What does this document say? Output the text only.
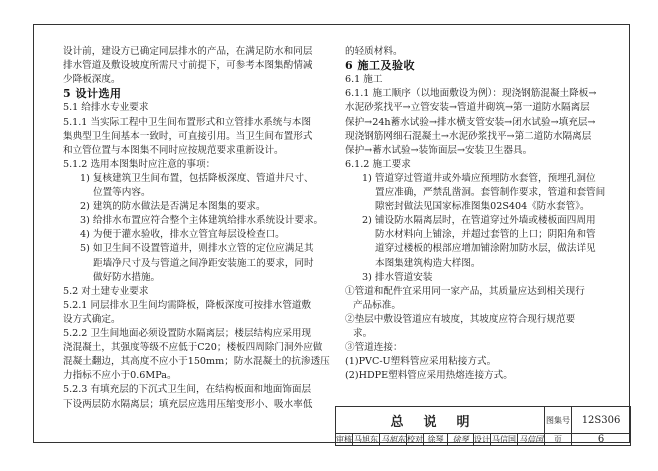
设计前，建设方已确定同层排水的产品，在满足防水和同层
排水管道及敷设坡度所需尺寸前提下，可参考本图集酌情减
少降板深度。
5 设计选用
5.1 给排水专业要求
5.1.1 当实际工程中卫生间布置形式和立管排水系统与本图
集典型卫生间基本一致时，可直接引用。当卫生间布置形式
和立管位置与本图集不同时应按规范要求重新设计。
5.1.2 选用本图集时应注意的事项：
1) 复核建筑卫生间布置，包括降板深度、管道井尺寸、
位置等内容。
2) 建筑的防水做法是否满足本图集的要求。
3) 给排水布置应符合整个主体建筑给排水系统设计要求。
4) 为便于灌水验收，排水立管宜每层设检查口。
5) 如卫生间不设置管道井，则排水立管的定位应满足其
距墙净尺寸及与管道之间净距安装施工的要求，同时
做好防水措施。
5.2 对土建专业要求
5.2.1 同层排水卫生间均需降板，降板深度可按排水管道敷
设方式确定。
5.2.2 卫生间地面必须设置防水隔离层；楼层结构应采用现
浇混凝土，其强度等级不应低于C20；楼板四周除门洞外应做
混凝土翻边，其高度不应小于150mm；防水混凝土的抗渗透压
力指标不应小于0.6MPa。
5.2.3 有填充层的下沉式卫生间，在结构板面和地面饰面层
下设两层防水隔离层；填充层应选用压缩变形小、吸水率低
的轻质材料。
6 施工及验收
6.1 施工
6.1.1 施工顺序（以地面敷设为例）：现浇钢筋混凝土降板→
水泥砂浆找平→立管安装→管道井砌筑→第一道防水隔离层
保护→24h蓄水试验→排水横支管安装→闭水试验→填充层→
现浇钢筋网细石混凝土→水泥砂浆找平→第二道防水隔离层
保护→蓄水试验→装饰面层→安装卫生器具。
6.1.2 施工要求
1) 管道穿过管道井或外墙应预埋防水套管，预埋孔洞位
置应准确，严禁乱凿洞。套管制作要求，管道和套管间
隙密封做法见国家标准图集02S404《防水套管》。
2) 铺设防水隔离层时，在管道穿过外墙或楼板面四周用
防水材料向上铺涂，并超过套管的上口；阴阳角和管
道穿过楼板的根部应增加铺涂附加防水层，做法详见
本图集建筑构造大样图。
3) 排水管道安装
①管道和配件宜采用同一家产品，其质量应达到相关现行
产品标准。
②垫层中敷设管道应有坡度，其坡度应符合现行规范要
求。
③管道连接：
(1)PVC-U塑料管应采用粘接方式。
(2)HDPE塑料管应采用热熔连接方式。
总说明									图集号	12S306
审核	马旭东	马旭东	校对	徐琴	徐琴	设计	马信国	马信国	页	6
